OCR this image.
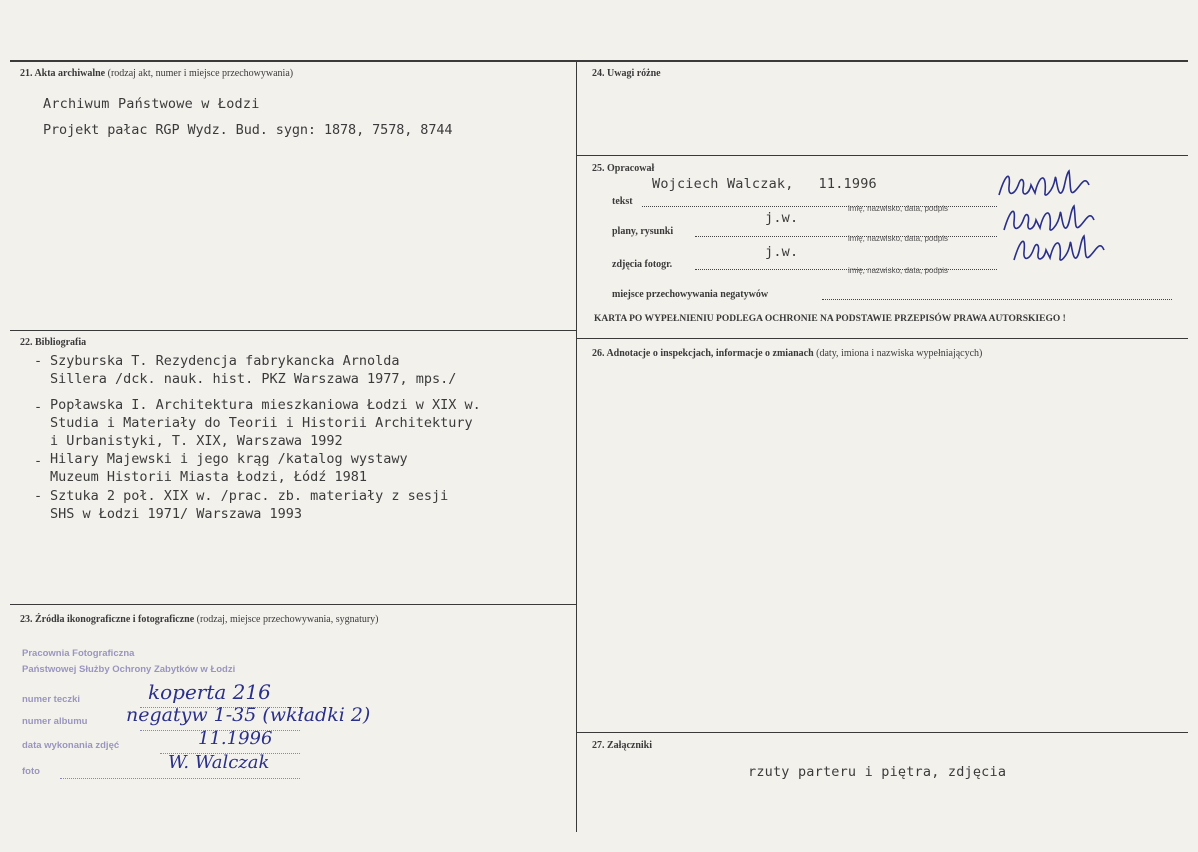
21. Akta archiwalne (rodzaj akt, numer i miejsce przechowywania)
Archiwum Państwowe w Łodzi
Projekt pałac RGP Wydz. Bud. sygn: 1878, 7578, 8744
22. Bibliografia
- Szyburska T. Rezydencja fabrykancka Arnolda
Sillera /dck. nauk. hist. PKZ Warszawa 1977, mps./
- Popławska I. Architektura mieszkaniowa Łodzi w XIX w.
Studia i Materiały do Teorii i Historii Architektury
i Urbanistyki, T. XIX, Warszawa 1992
- Hilary Majewski i jego krąg /katalog wystawy
Muzeum Historii Miasta Łodzi, Łódź 1981
- Sztuka 2 poł. XIX w. /prac. zb. materiały z sesji
SHS w Łodzi 1971/ Warszawa 1993
23. Źródła ikonograficzne i fotograficzne (rodzaj, miejsce przechowywania, sygnatury)
Pracownia Fotograficzna
Państwowej Służby Ochrony Zabytków w Łodzi
numer teczki
numer albumu
data wykonania zdjęć
foto
koperta 216
negatyw 1-35 (wkładki 2)
11.1996
W. Walczak
24. Uwagi różne
25. Opracował
tekst
Wojciech Walczak,   11.1996
imię, nazwisko, data, podpis
plany, rysunki
j.w.
imię, nazwisko, data, podpis
zdjęcia fotogr.
j.w.
imię, nazwisko, data, podpis
miejsce przechowywania negatywów
KARTA PO WYPEŁNIENIU PODLEGA OCHRONIE NA PODSTAWIE PRZEPISÓW PRAWA AUTORSKIEGO !
26. Adnotacje o inspekcjach, informacje o zmianach (daty, imiona i nazwiska wypełniających)
27. Załączniki
rzuty parteru i piętra, zdjęcia
